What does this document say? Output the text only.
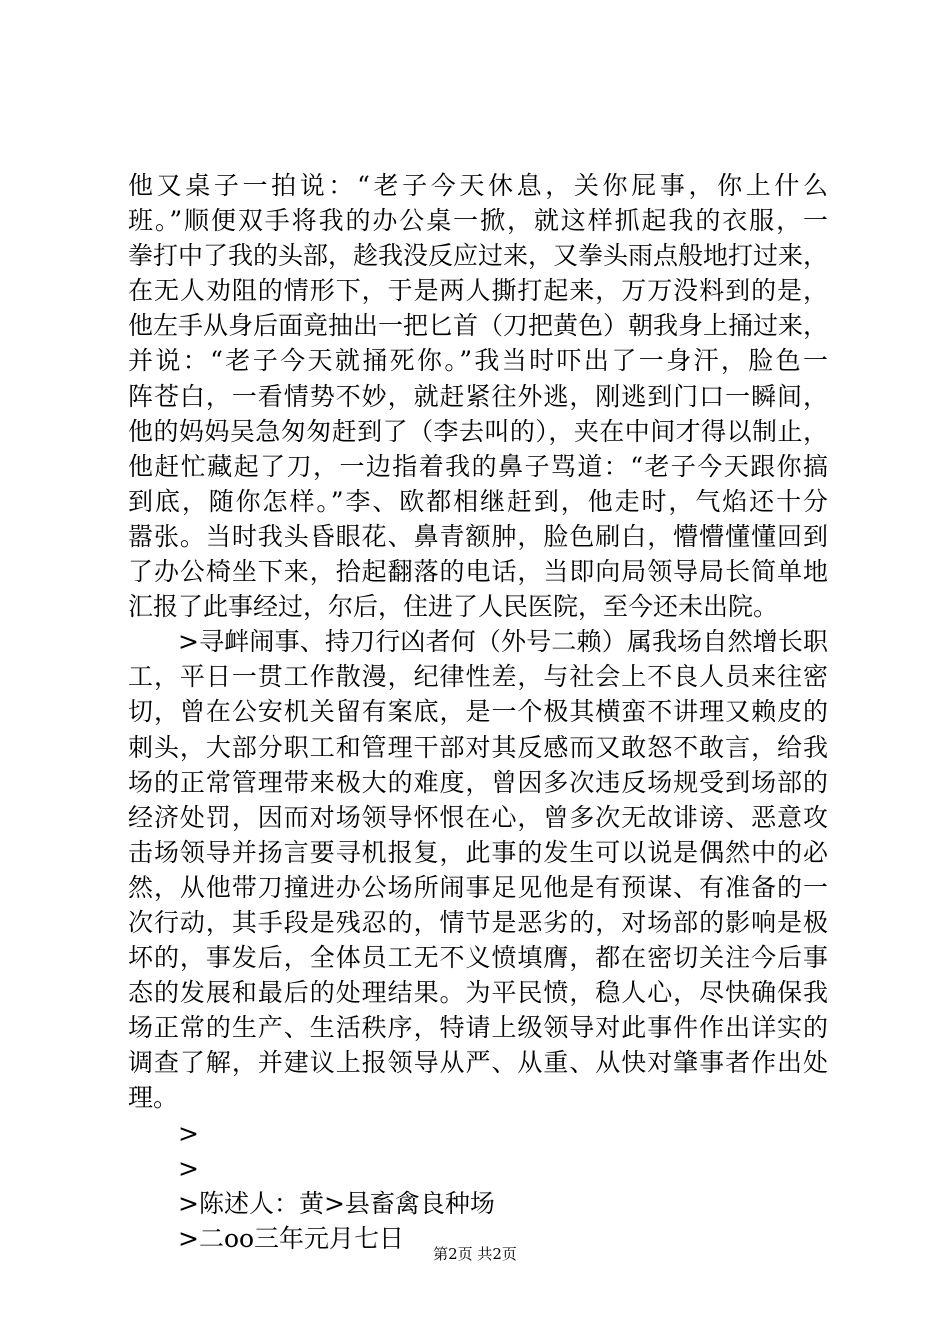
他又桌子一拍说：“老子今天休息，关你屁事，你上什么
班。”顺便双手将我的办公桌一掀，就这样抓起我的衣服，一
拳打中了我的头部，趁我没反应过来，又拳头雨点般地打过来，
在无人劝阻的情形下，于是两人撕打起来，万万没料到的是，
他左手从身后面竟抽出一把匕首（刀把黄色）朝我身上捅过来，
并说：“老子今天就捅死你。”我当时吓出了一身汗，脸色一
阵苍白，一看情势不妙，就赶紧往外逃，刚逃到门口一瞬间，
他的妈妈吴急匆匆赶到了（李去叫的），夹在中间才得以制止，
他赶忙藏起了刀，一边指着我的鼻子骂道：“老子今天跟你搞
到底，随你怎样。”李、欧都相继赶到，他走时，气焰还十分
嚣张。当时我头昏眼花、鼻青额肿，脸色刷白，懵懵懂懂回到
了办公椅坐下来，拾起翻落的电话，当即向局领导局长简单地
汇报了此事经过，尔后，住进了人民医院，至今还未出院。
>寻衅闹事、持刀行凶者何（外号二赖）属我场自然增长职
工，平日一贯工作散漫，纪律性差，与社会上不良人员来往密
切，曾在公安机关留有案底，是一个极其横蛮不讲理又赖皮的
刺头，大部分职工和管理干部对其反感而又敢怒不敢言，给我
场的正常管理带来极大的难度，曾因多次违反场规受到场部的
经济处罚，因而对场领导怀恨在心，曾多次无故诽谤、恶意攻
击场领导并扬言要寻机报复，此事的发生可以说是偶然中的必
然，从他带刀撞进办公场所闹事足见他是有预谋、有准备的一
次行动，其手段是残忍的，情节是恶劣的，对场部的影响是极
坏的，事发后，全体员工无不义愤填膺，都在密切关注今后事
态的发展和最后的处理结果。为平民愤，稳人心，尽快确保我
场正常的生产、生活秩序，特请上级领导对此事件作出详实的
调查了解，并建议上报领导从严、从重、从快对肇事者作出处
理。
>
>
>陈述人：黄>县畜禽良种场
>二oo三年元月七日
第2页 共2页
